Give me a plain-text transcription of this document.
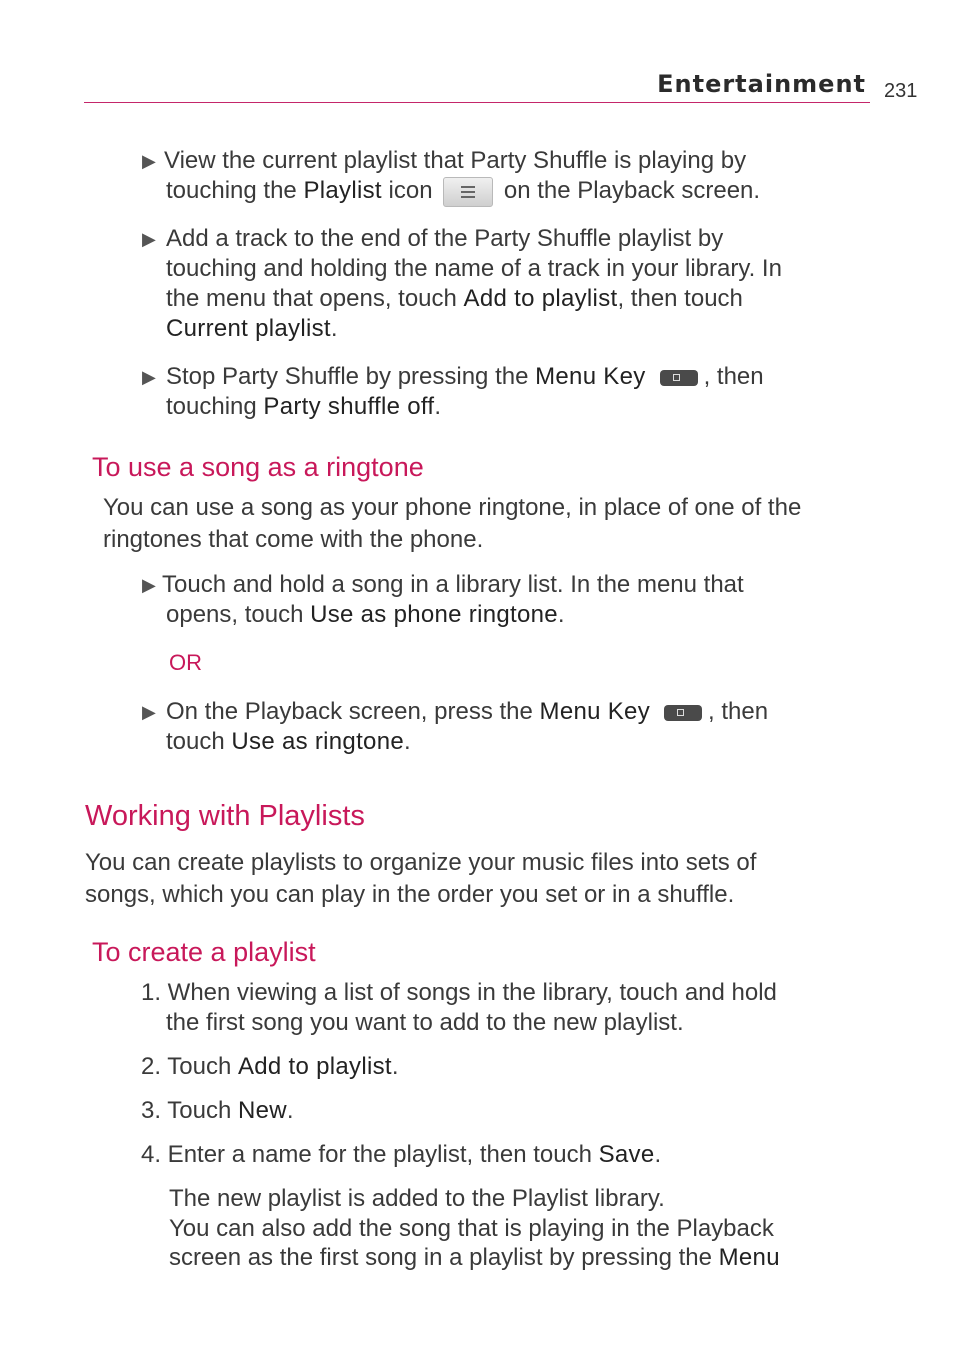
Entertainment 231
▶ View the current playlist that Party Shuffle is playing by
touching the Playlist icon	on the Playback screen.
▶ Add a track to the end of the Party Shuffle playlist by
touching and holding the name of a track in your library. In
the menu that opens, touch Add to playlist, then touch
Current playlist.
▶ Stop Party Shuffle by pressing the Menu Key , then
touching Party shuffle off.
To use a song as a ringtone
You can use a song as your phone ringtone, in place of one of the
ringtones that come with the phone.
▶ Touch and hold a song in a library list. In the menu that
opens, touch Use as phone ringtone.
OR
▶ On the Playback screen, press the Menu Key , then
touch Use as ringtone.
Working with Playlists
You can create playlists to organize your music files into sets of
songs, which you can play in the order you set or in a shuffle.
To create a playlist
1. When viewing a list of songs in the library, touch and hold
the first song you want to add to the new playlist.
2. Touch Add to playlist.
3. Touch New.
4. Enter a name for the playlist, then touch Save.
The new playlist is added to the Playlist library.
You can also add the song that is playing in the Playback
screen as the first song in a playlist by pressing the Menu
